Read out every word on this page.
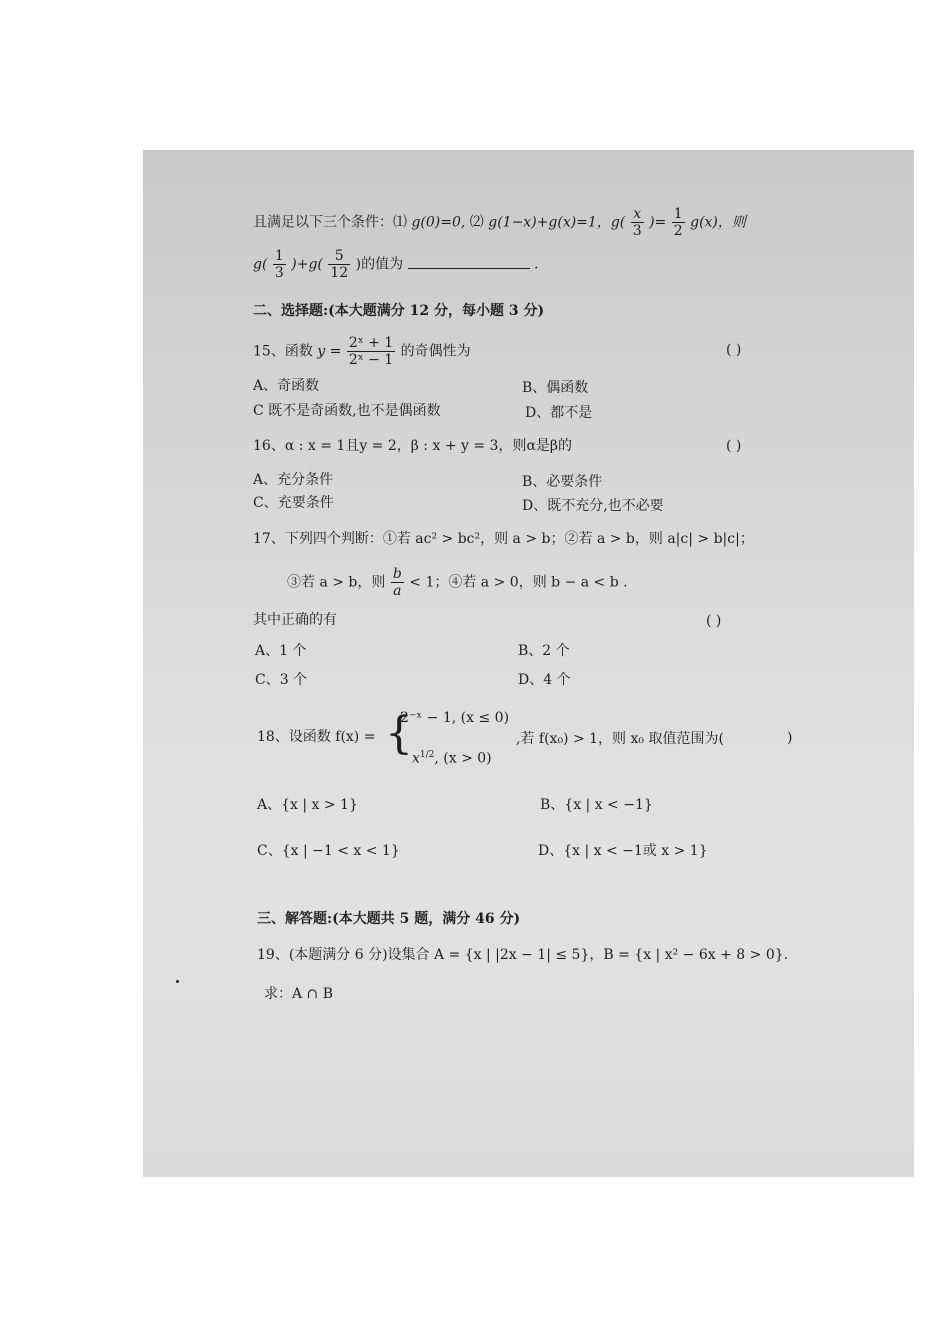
且满足以下三个条件：⑴ g(0)=0, ⑵ g(1−x)+g(x)=1，$g( \frac{x}{3}$ )= $\frac{1}{2} g(x)$，则
$g( \frac{1}{3} )+g( \frac{5}{12}$ )的值为	.
二、选择题:(本大题满分 12 分，每小题 3 分)
15、函数 $y = \frac{\text{2ˣ + 1}}{\text{2ˣ − 1}}$ 的奇偶性为	( )
A、奇函数	B、偶函数
C 既不是奇函数,也不是偶函数	D、都不是
16、α : x = 1且y = 2，β : x + y = 3，则α是β的	( )
A、充分条件	B、必要条件
C、充要条件	D、既不充分,也不必要
17、下列四个判断：①若 ac² > bc²，则 a > b；②若 a > b，则 a|c| > b|c|；
③若 a > b，则 $\frac{b}{a} < 1$；④若 a > 0，则 b − a < b .
其中正确的有	( )
A、1 个	B、2 个
C、3 个	D、4 个
18、设函数 f(x) = {
2⁻ˣ − 1, (x ≤ 0)
$x^{1/2}$, (x > 0)
,若 f(x₀) > 1，则 x₀ 取值范围为(	)
A、{x | x > 1}	B、{x | x < −1}
C、{x | −1 < x < 1}	D、{x | x < −1或 x > 1}
三、解答题:(本大题共 5 题，满分 46 分)
19、(本题满分 6 分)设集合 A = {x | |2x − 1| ≤ 5}，B = {x | x² − 6x + 8 > 0}.
求：A ∩ B
